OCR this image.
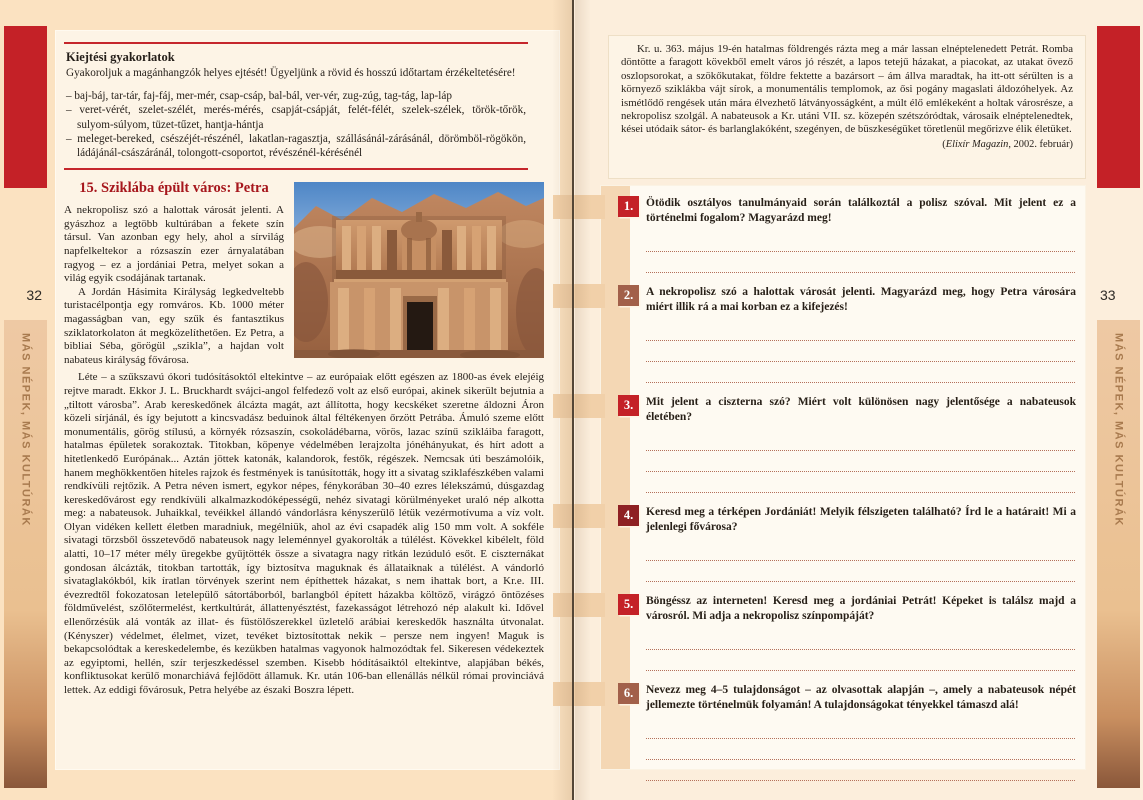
32
MÁS NÉPEK, MÁS KULTÚRÁK
33
MÁS NÉPEK, MÁS KULTÚRÁK
Kiejtési gyakorlatok

Gyakoroljuk a magánhangzók helyes ejtését! Ügyeljünk a rövid és hosszú időtartam érzékeltetésére!

– baj-báj, tar-tár, faj-fáj, mer-mér, csap-csáp, bal-bál, ver-vér, zug-zúg, tag-tág, lap-láp
– veret-vérét, szelet-szélét, merés-mérés, csapját-csápját, felét-félét, szelek-szélek, török-tőrök, sulyom-súlyom, tüzet-tűzet, hantja-hántja
– meleget-bereked, csészéjét-részénél, lakatlan-ragasztja, szállásánál-zárásánál, dörömböl-rögökön, ládájánál-császáránál, tolongott-csoportot, révészénél-kérésénél
15. Sziklába épült város: Petra

A nekropolisz szó a halottak városát jelenti. A gyászhoz a legtöbb kultúrában a fekete szín társul. Van azonban egy hely, ahol a sírvilág napfelkeltekor a rózsaszín ezer árnyalatában ragyog – ez a jordániai Petra, melyet sokan a világ egyik csodájának tartanak.

A Jordán Hásimita Királyság legkedveltebb turistacélpontja egy romváros. Kb. 1000 méter magasságban van, egy szűk és fantasztikus sziklatorkolaton át megközelíthetően. Ez Petra, a bibliai Séba, görögül „szikla”, a hajdan volt nabateus királyság fővárosa.

Léte – a szűkszavú ókori tudósításoktól eltekintve – az európaiak előtt egészen az 1800-as évek elejéig rejtve maradt. Ekkor J. L. Bruckhardt svájci-angol felfedező volt az első európai, akinek sikerült bejutnia a „tiltott városba”. Arab kereskedőnek álcázta magát, azt állította, hogy kecskéket szeretne áldozni Áron közeli sírjánál, és így bejutott a kincsvadász beduinok által féltékenyen őrzött Petrába. Ámuló szeme előtt monumentális, görög stílusú, a környék rózsaszín, csokoládébarna, vörös, lazac színű szikláiba faragott, hatalmas épületek sorakoztak. Titokban, köpenye védelmében lerajzolta jónéhányukat, és hírt adott a hitetlenkedő Európának... Aztán jöttek katonák, kalandorok, festők, régészek. Nemcsak úti beszámolóik, hanem meghökkentően hiteles rajzok és festmények is tanúsították, hogy itt a sivatag sziklafészkében valami rendkívüli rejtőzik. A Petra néven ismert, egykor népes, fénykorában 30–40 ezres lélekszámú, dúsgazdag kereskedővárost egy rendkívüli alkalmazkodóképességű, nehéz sivatagi körülményeket uraló nép alkotta meg: a nabateusok. Juhaikkal, tevéikkel állandó vándorlásra kényszerülő létük vezérmotívuma a víz volt. Olyan vidéken kellett életben maradniuk, megélniük, ahol az évi csapadék alig 150 mm volt. A sokféle sivatagi törzsből összetevődő nabateusok nagy leleménnyel gyakorolták a túlélést. Kövekkel kibélelt, föld alatti, 10–17 méter mély üregekbe gyűjtötték össze a sivatagra nagy ritkán lezúduló esőt. E ciszternákat gondosan álcázták, titokban tartották, így biztosítva maguknak és állataiknak a túlélést. A vándorló sivataglakókból, kik íratlan törvények szerint nem építhettek házakat, s nem ihattak bort, a Kr.e. III. évezredtől fokozatosan letelepülő sátortáborból, barlangból épített házakba költöző, virágzó öntözéses földművelést, szőlőtermelést, kertkultúrát, állattenyésztést, fazekasságot létrehozó nép alakult ki. Idővel ellenőrzésük alá vonták az illat- és füstölőszerekkel üzletelő arábiai kereskedők használta útvonalat. (Kényszer) védelmet, élelmet, vizet, tevéket biztosítottak nekik – persze nem ingyen! Maguk is bekapcsolódtak a kereskedelembe, és kezükben hatalmas vagyonok halmozódtak fel. Sikeresen védekeztek az egyiptomi, hellén, szír terjeszkedéssel szemben. Kisebb hódításaiktól eltekintve, alapjában békés, konfliktusokat kerülő monarchiává fejlődött államuk. Kr. után 106-ban ellenállás nélkül római provinciává lettek. Az eddigi fővárosuk, Petra helyébe az északi Boszra lépett.

Kr. u. 363. május 19-én hatalmas földrengés rázta meg a már lassan elnéptelenedett Petrát. Romba döntötte a faragott kövekből emelt város jó részét, a lapos tetejű házakat, a piacokat, az utakat övező oszlopsorokat, a szökőkutakat, földre fektette a bazársort – ám állva maradtak, ha itt-ott sérülten is a környező sziklákba vájt sírok, a monumentális templomok, az ősi pogány magaslati áldozóhelyek. Az ismétlődő rengések után mára élvezhető látványosságként, a múlt élő emlékeként a holtak városrésze, a nekropolisz szolgál. A nabateusok a Kr. utáni VII. sz. közepén szétszóródtak, városaik elnéptelenedtek, kései utódaik sátor- és barlanglakóként, szegényen, de büszkeségüket töretlenül megőrizve élik életüket.

(Elixír Magazin, 2002. február)
1. Ötödik osztályos tanulmányaid során találkoztál a polisz szóval. Mit jelent ez a történelmi fogalom? Magyarázd meg!

2. A nekropolisz szó a halottak városát jelenti. Magyarázd meg, hogy Petra városára miért illik rá a mai korban ez a kifejezés!

3. Mit jelent a ciszterna szó? Miért volt különösen nagy jelentősége a nabateusok életében?

4. Keresd meg a térképen Jordániát! Melyik félszigeten található? Írd le a határait! Mi a jelenlegi fővárosa?

5. Böngéssz az interneten! Keresd meg a jordániai Petrát! Képeket is találsz majd a városról. Mi adja a nekropolisz színpompáját?

6. Nevezz meg 4–5 tulajdonságot – az olvasottak alapján –, amely a nabateusok népét jellemezte történelmük folyamán! A tulajdonságokat tényekkel támaszd alá!
